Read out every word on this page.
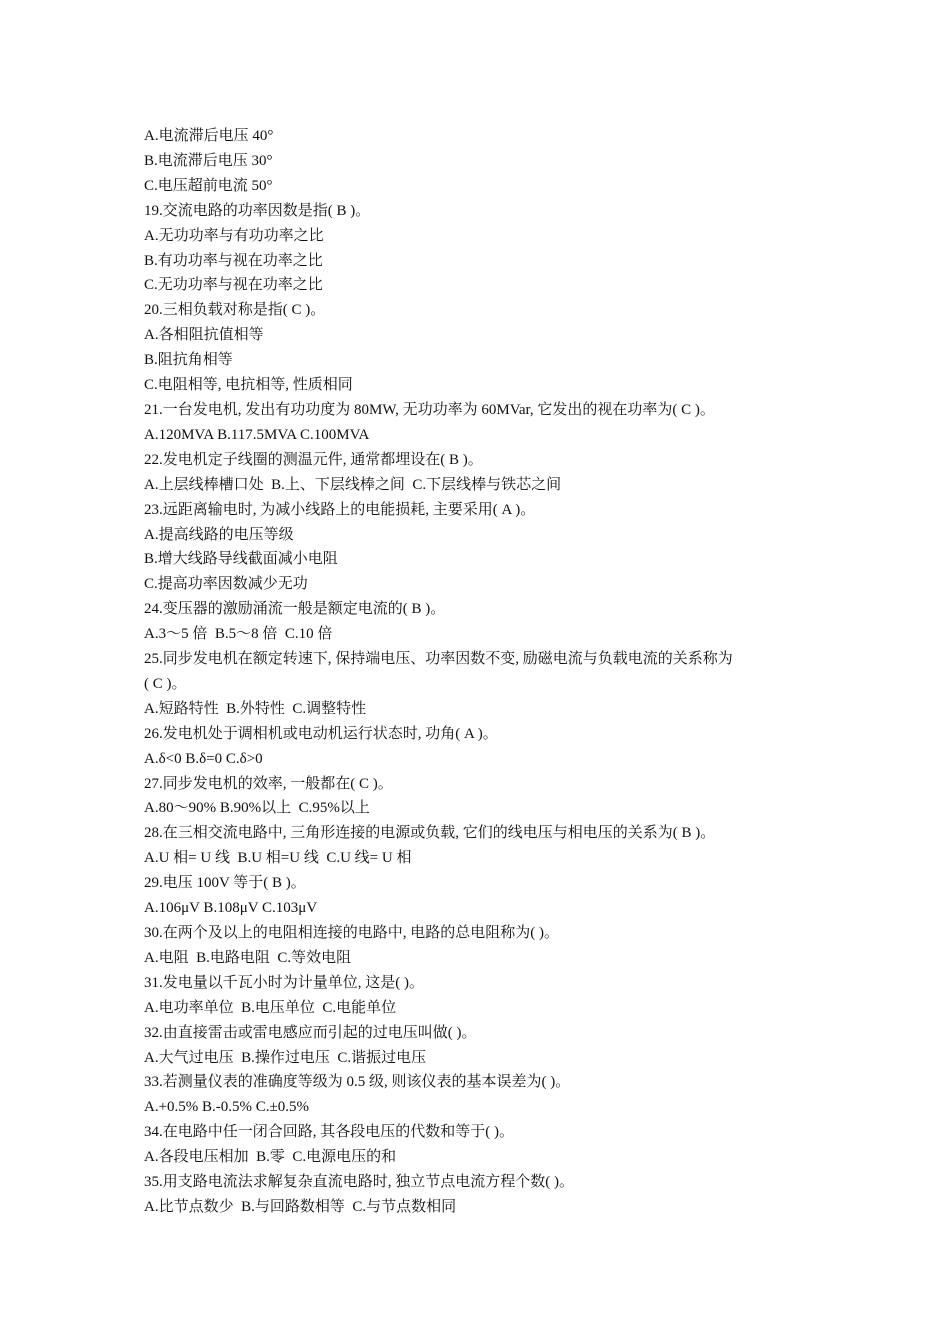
A.电流滞后电压 40°

B.电流滞后电压 30°

C.电压超前电流 50°

19.交流电路的功率因数是指( B )。

A.无功功率与有功功率之比

B.有功功率与视在功率之比

C.无功功率与视在功率之比

20.三相负载对称是指( C )。

A.各相阻抗值相等

B.阻抗角相等

C.电阻相等, 电抗相等, 性质相同

21.一台发电机, 发出有功功度为 80MW, 无功功率为 60MVar, 它发出的视在功率为( C )。

A.120MVA B.117.5MVA C.100MVA

22.发电机定子线圈的测温元件, 通常都埋设在( B )。

A.上层线棒槽口处  B.上、下层线棒之间  C.下层线棒与铁芯之间

23.远距离输电时, 为减小线路上的电能损耗, 主要采用( A )。

A.提高线路的电压等级

B.增大线路导线截面减小电阻

C.提高功率因数减少无功

24.变压器的激励涌流一般是额定电流的( B )。

A.3～5 倍  B.5～8 倍  C.10 倍

25.同步发电机在额定转速下, 保持端电压、功率因数不变, 励磁电流与负载电流的关系称为

( C )。

A.短路特性  B.外特性  C.调整特性

26.发电机处于调相机或电动机运行状态时, 功角( A )。

A.δ<0 B.δ=0 C.δ>0

27.同步发电机的效率, 一般都在( C )。

A.80～90% B.90%以上  C.95%以上

28.在三相交流电路中, 三角形连接的电源或负载, 它们的线电压与相电压的关系为( B )。

A.U 相= U 线  B.U 相=U 线  C.U 线= U 相

29.电压 100V 等于( B )。

A.106μV B.108μV C.103μV

30.在两个及以上的电阻相连接的电路中, 电路的总电阻称为( )。

A.电阻  B.电路电阻  C.等效电阻

31.发电量以千瓦小时为计量单位, 这是( )。

A.电功率单位  B.电压单位  C.电能单位

32.由直接雷击或雷电感应而引起的过电压叫做( )。

A.大气过电压  B.操作过电压  C.谐振过电压

33.若测量仪表的准确度等级为 0.5 级, 则该仪表的基本误差为( )。

A.+0.5% B.-0.5% C.±0.5%

34.在电路中任一闭合回路, 其各段电压的代数和等于( )。

A.各段电压相加  B.零  C.电源电压的和

35.用支路电流法求解复杂直流电路时, 独立节点电流方程个数( )。

A.比节点数少  B.与回路数相等  C.与节点数相同
